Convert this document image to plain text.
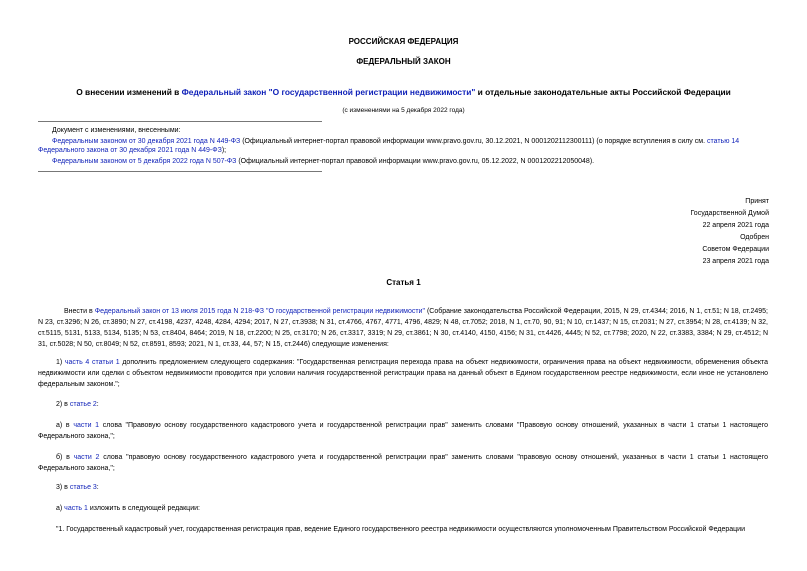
РОССИЙСКАЯ ФЕДЕРАЦИЯ
ФЕДЕРАЛЬНЫЙ ЗАКОН
О внесении изменений в Федеральный закон "О государственной регистрации недвижимости" и отдельные законодательные акты Российской Федерации
(с изменениями на 5 декабря 2022 года)
Документ с изменениями, внесенными:
Федеральным законом от 30 декабря 2021 года N 449-ФЗ (Официальный интернет-портал правовой информации www.pravo.gov.ru, 30.12.2021, N 0001202112300111) (о порядке вступления в силу см. статью 14 Федерального закона от 30 декабря 2021 года N 449-ФЗ);
Федеральным законом от 5 декабря 2022 года N 507-ФЗ (Официальный интернет-портал правовой информации www.pravo.gov.ru, 05.12.2022, N 0001202212050048).
Принят
Государственной Думой
22 апреля 2021 года
Одобрен
Советом Федерации
23 апреля 2021 года
Статья 1
Внести в Федеральный закон от 13 июля 2015 года N 218-ФЗ "О государственной регистрации недвижимости" (Собрание законодательства Российской Федерации, 2015, N 29, ст.4344; 2016, N 1, ст.51; N 18, ст.2495; N 23, ст.3296; N 26, ст.3890; N 27, ст.4198, 4237, 4248, 4284, 4294; 2017, N 27, ст.3938; N 31, ст.4766, 4767, 4771, 4796, 4829; N 48, ст.7052; 2018, N 1, ст.70, 90, 91; N 10, ст.1437; N 15, ст.2031; N 27, ст.3954; N 28, ст.4139; N 32, ст.5115, 5131, 5133, 5134, 5135; N 53, ст.8404, 8464; 2019, N 18, ст.2200; N 25, ст.3170; N 26, ст.3317, 3319; N 29, ст.3861; N 30, ст.4140, 4150, 4156; N 31, ст.4426, 4445; N 52, ст.7798; 2020, N 22, ст.3383, 3384; N 29, ст.4512; N 31, ст.5028; N 50, ст.8049; N 52, ст.8591, 8593; 2021, N 1, ст.33, 44, 57; N 15, ст.2446) следующие изменения:
1) часть 4 статьи 1 дополнить предложением следующего содержания: "Государственная регистрация перехода права на объект недвижимости, ограничения права на объект недвижимости, обременения объекта недвижимости или сделки с объектом недвижимости проводится при условии наличия государственной регистрации права на данный объект в Едином государственном реестре недвижимости, если иное не установлено федеральным законом.";
2) в статье 2:
а) в части 1 слова "Правовую основу государственного кадастрового учета и государственной регистрации прав" заменить словами "Правовую основу отношений, указанных в части 1 статьи 1 настоящего Федерального закона,";
б) в части 2 слова "правовую основу государственного кадастрового учета и государственной регистрации прав" заменить словами "правовую основу отношений, указанных в части 1 статьи 1 настоящего Федерального закона,";
3) в статье 3:
а) часть 1 изложить в следующей редакции:
"1. Государственный кадастровый учет, государственная регистрация прав, ведение Единого государственного реестра недвижимости осуществляются уполномоченным Правительством Российской Федерации
